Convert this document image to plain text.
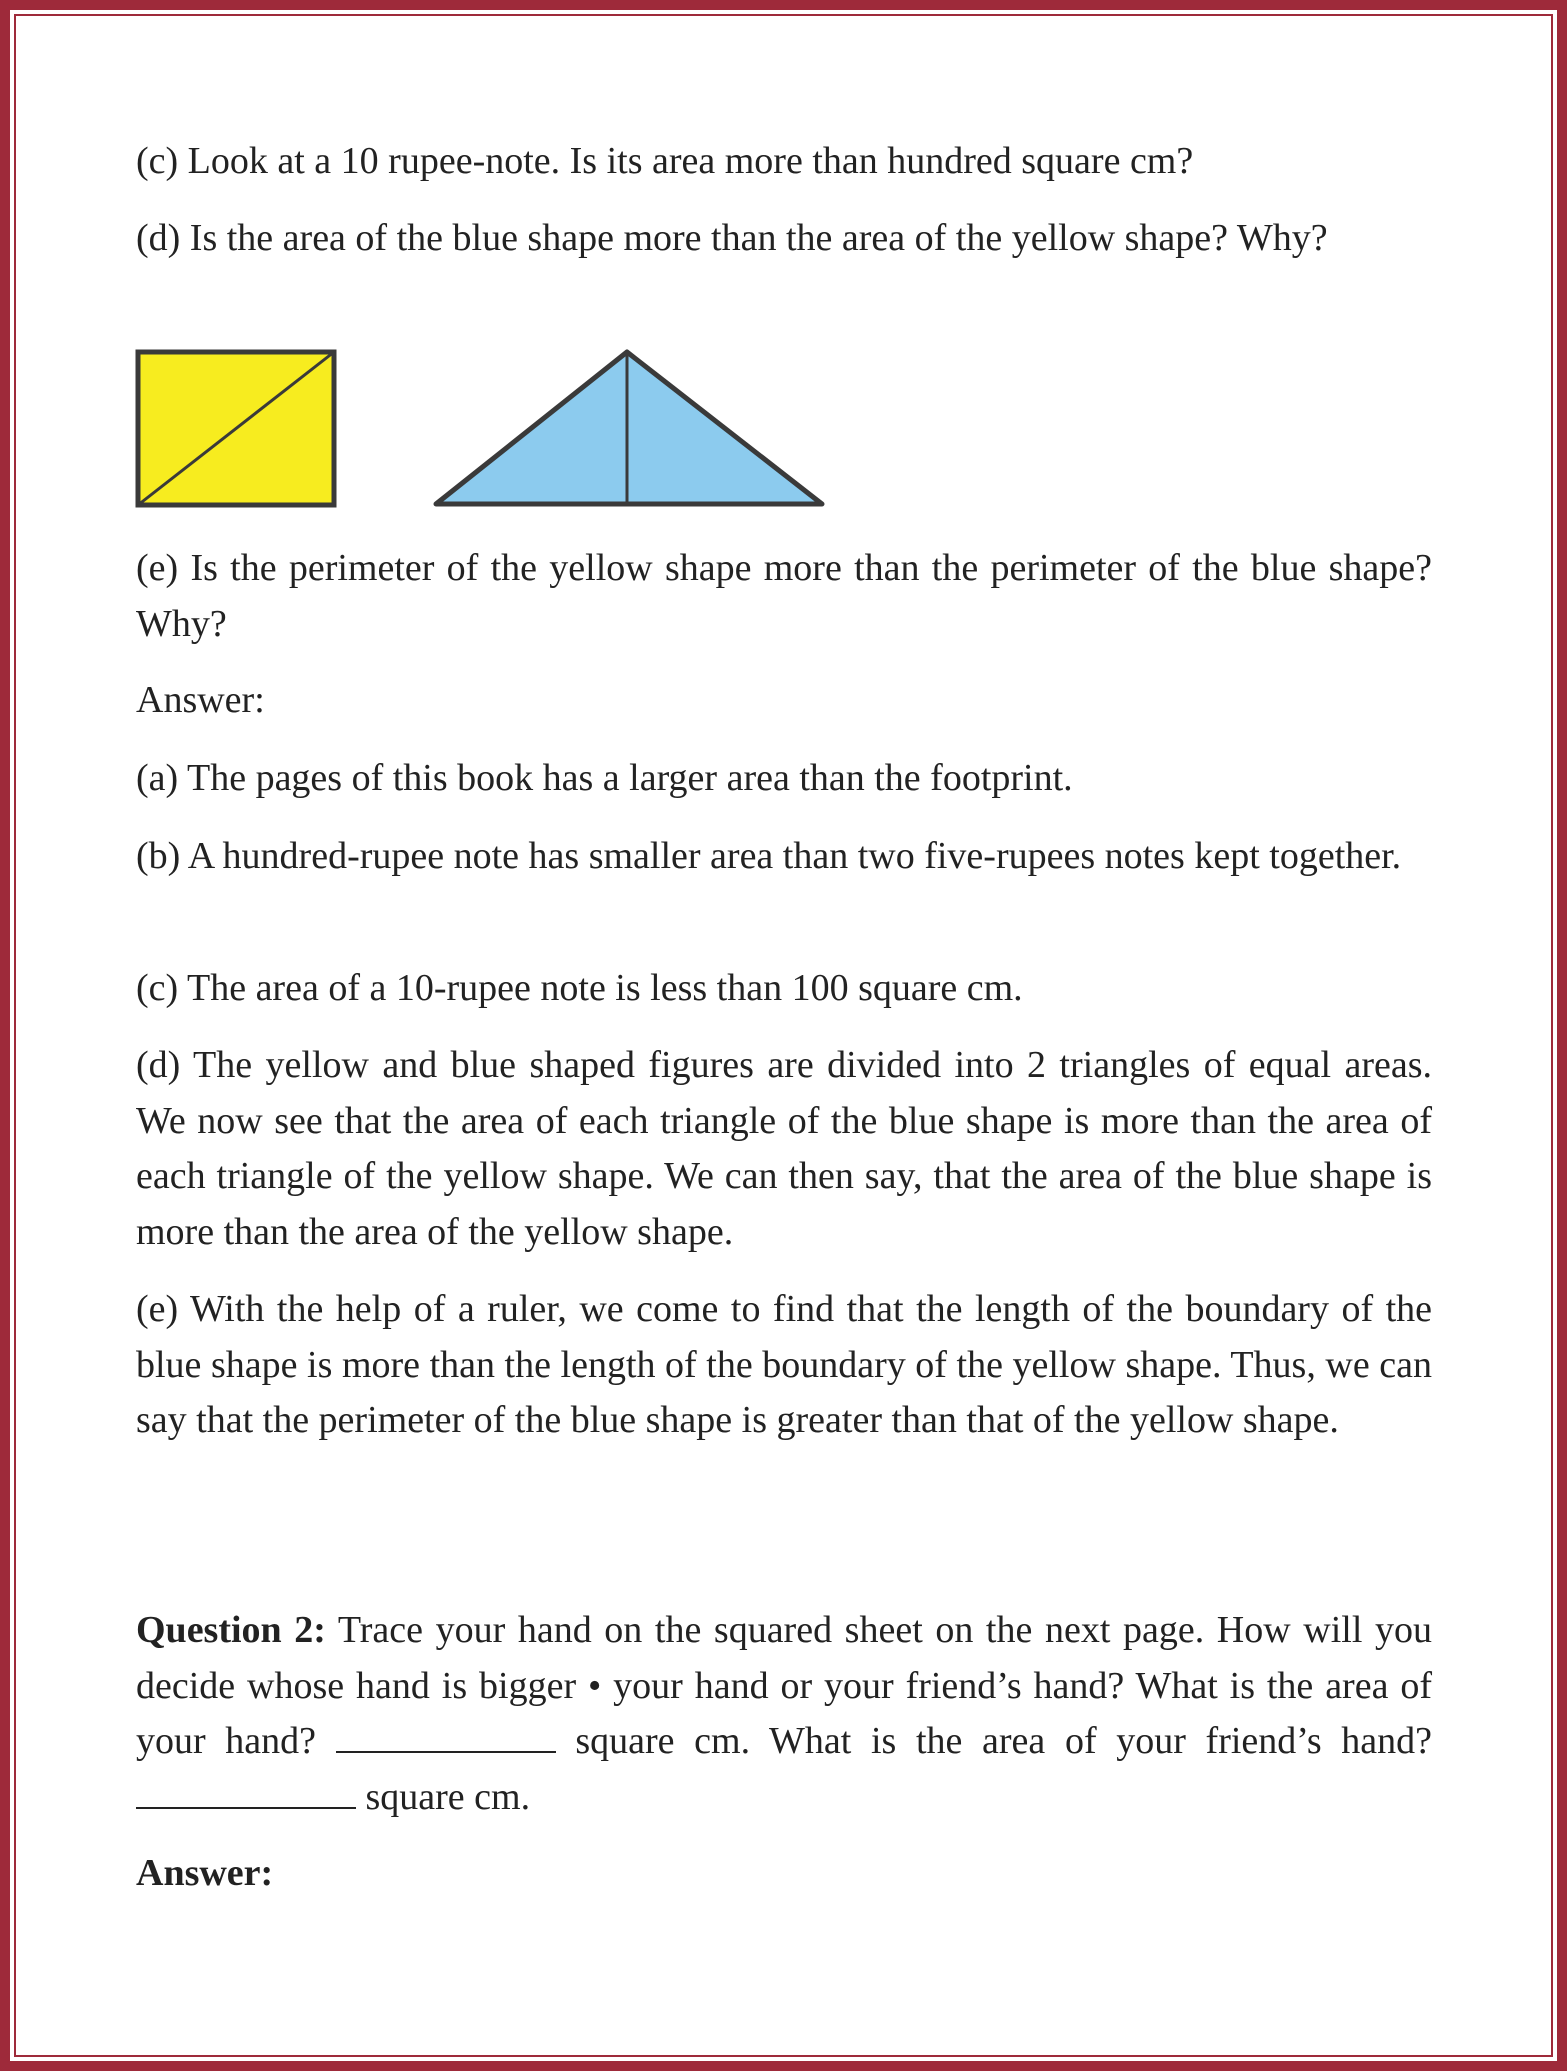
(c) Look at a 10 rupee-note. Is its area more than hundred square cm?

(d) Is the area of the blue shape more than the area of the yellow shape? Why?

(e) Is the perimeter of the yellow shape more than the perimeter of the blue shape? Why?

Answer:

(a) The pages of this book has a larger area than the footprint.

(b) A hundred-rupee note has smaller area than two five-rupees notes kept together.

(c) The area of a 10-rupee note is less than 100 square cm.

(d) The yellow and blue shaped figures are divided into 2 triangles of equal areas. We now see that the area of each triangle of the blue shape is more than the area of each triangle of the yellow shape. We can then say, that the area of the blue shape is more than the area of the yellow shape.

(e) With the help of a ruler, we come to find that the length of the boundary of the blue shape is more than the length of the boundary of the yellow shape. Thus, we can say that the perimeter of the blue shape is greater than that of the yellow shape.

Question 2: Trace your hand on the squared sheet on the next page. How will you decide whose hand is bigger • your hand or your friend’s hand? What is the area of your hand?	square cm. What is the area of your friend’s hand?  square cm.

Answer:
